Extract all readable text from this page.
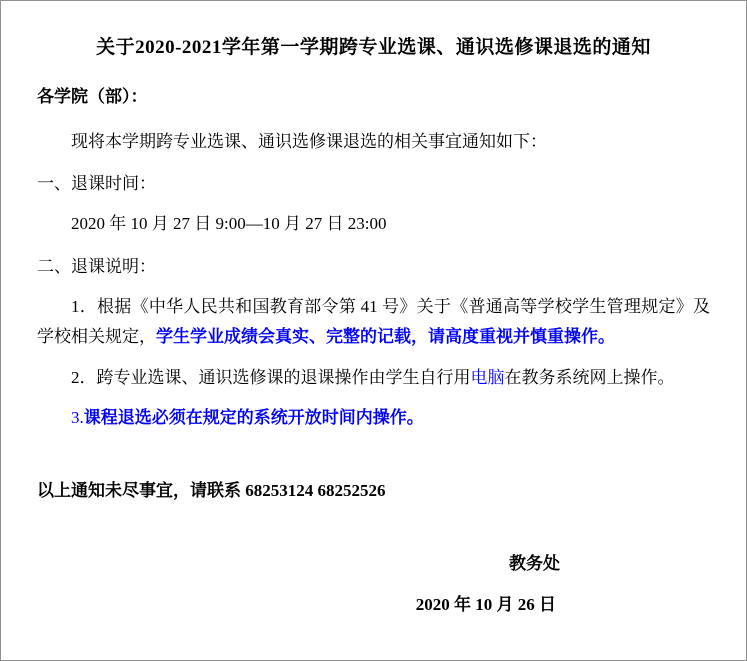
关于2020-2021学年第一学期跨专业选课、通识选修课退选的通知
各学院（部）：

现将本学期跨专业选课、通识选修课退选的相关事宜通知如下：

一、退课时间：
2020 年 10 月 27 日 9:00—10 月 27 日 23:00
二、退课说明：

1．根据《中华人民共和国教育部令第 41 号》关于《普通高等学校学生管理规定》及学校相关规定，学生学业成绩会真实、完整的记载，请高度重视并慎重操作。

2．跨专业选课、通识选修课的退课操作由学生自行用电脑在教务系统网上操作。

3.课程退选必须在规定的系统开放时间内操作。

以上通知未尽事宜，请联系 68253124 68252526

教务处

2020 年 10 月 26 日
